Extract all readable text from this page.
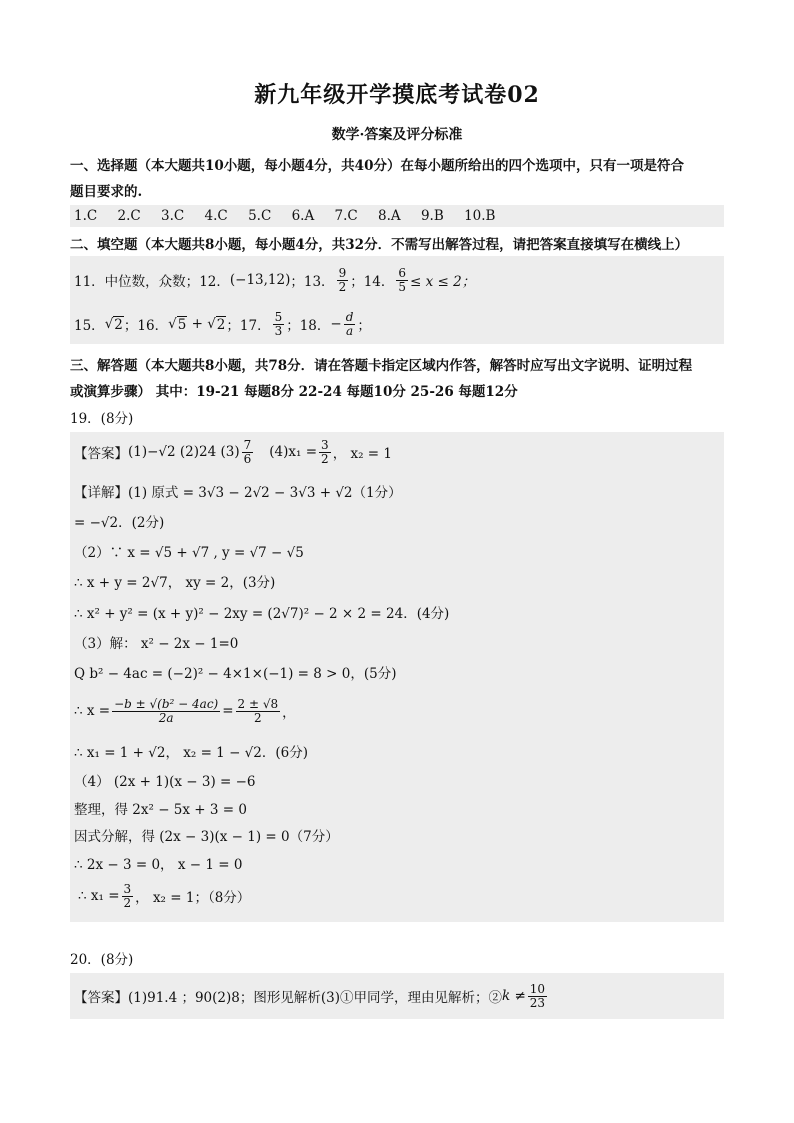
新九年级开学摸底考试卷02
数学·答案及评分标准
一、选择题（本大题共10小题，每小题4分，共40分）在每小题所给出的四个选项中，只有一项是符合
题目要求的.
1.C 2.C 3.C 4.C 5.C 6.A 7.C 8.A 9.B 10.B
二、填空题（本大题共8小题，每小题4分，共32分．不需写出解答过程，请把答案直接填写在横线上）
11．中位数，众数； 12． (−13,12) ；13． $\frac{9}{2}$ ；14． $\frac{6}{5} \le x \le 2$；
15． √ 2 ；16． √ 5 + √ 2 ；17． $\frac{5}{3}$ ；18． − $\frac{d}{a}$ ；
三、解答题（本大题共8小题，共78分．请在答题卡指定区域内作答，解答时应写出文字说明、证明过程
或演算步骤） 其中：19-21 每题8分 22-24 每题10分 25-26 每题12分
19．(8分)
【答案】 (1)−√2 (2)24 $(3) \frac{7}{6} (4)x_1 = \frac{3}{2}$ ， x₂ = 1
【详解】(1) 原式 = 3√3 − 2√2 − 3√3 + √2（1分）
= −√2．(2分)
（2）∵ x = √5 + √7 , y = √7 − √5
∴ x + y = 2√7， xy = 2，(3分)
∴ x² + y² = (x + y)² − 2xy = (2√7)² − 2 × 2 = 24．(4分)
（3）解： x² − 2x − 1=0
Q b² − 4ac = (−2)² − 4×1×(−1) = 8 > 0，(5分)
∴ $x = \frac{\text{−b ± √(b² − 4ac)}}{2a} = \frac{2 \pm √8}{2}$ ，
∴ x₁ = 1 + √2， x₂ = 1 − √2．(6分)
（4） (2x + 1)(x − 3) = −6
整理，得 2x² − 5x + 3 = 0
因式分解，得 (2x − 3)(x − 1) = 0（7分）
∴ 2x − 3 = 0， x − 1 = 0
∴ $x_1 = \frac{3}{2}$ ， x₂ = 1；（8分）
20．(8分)
【答案】 (1)91.4 ；90(2)8；图形见解析(3)①甲同学，理由见解析；② $k \ne \frac{10}{23}$
